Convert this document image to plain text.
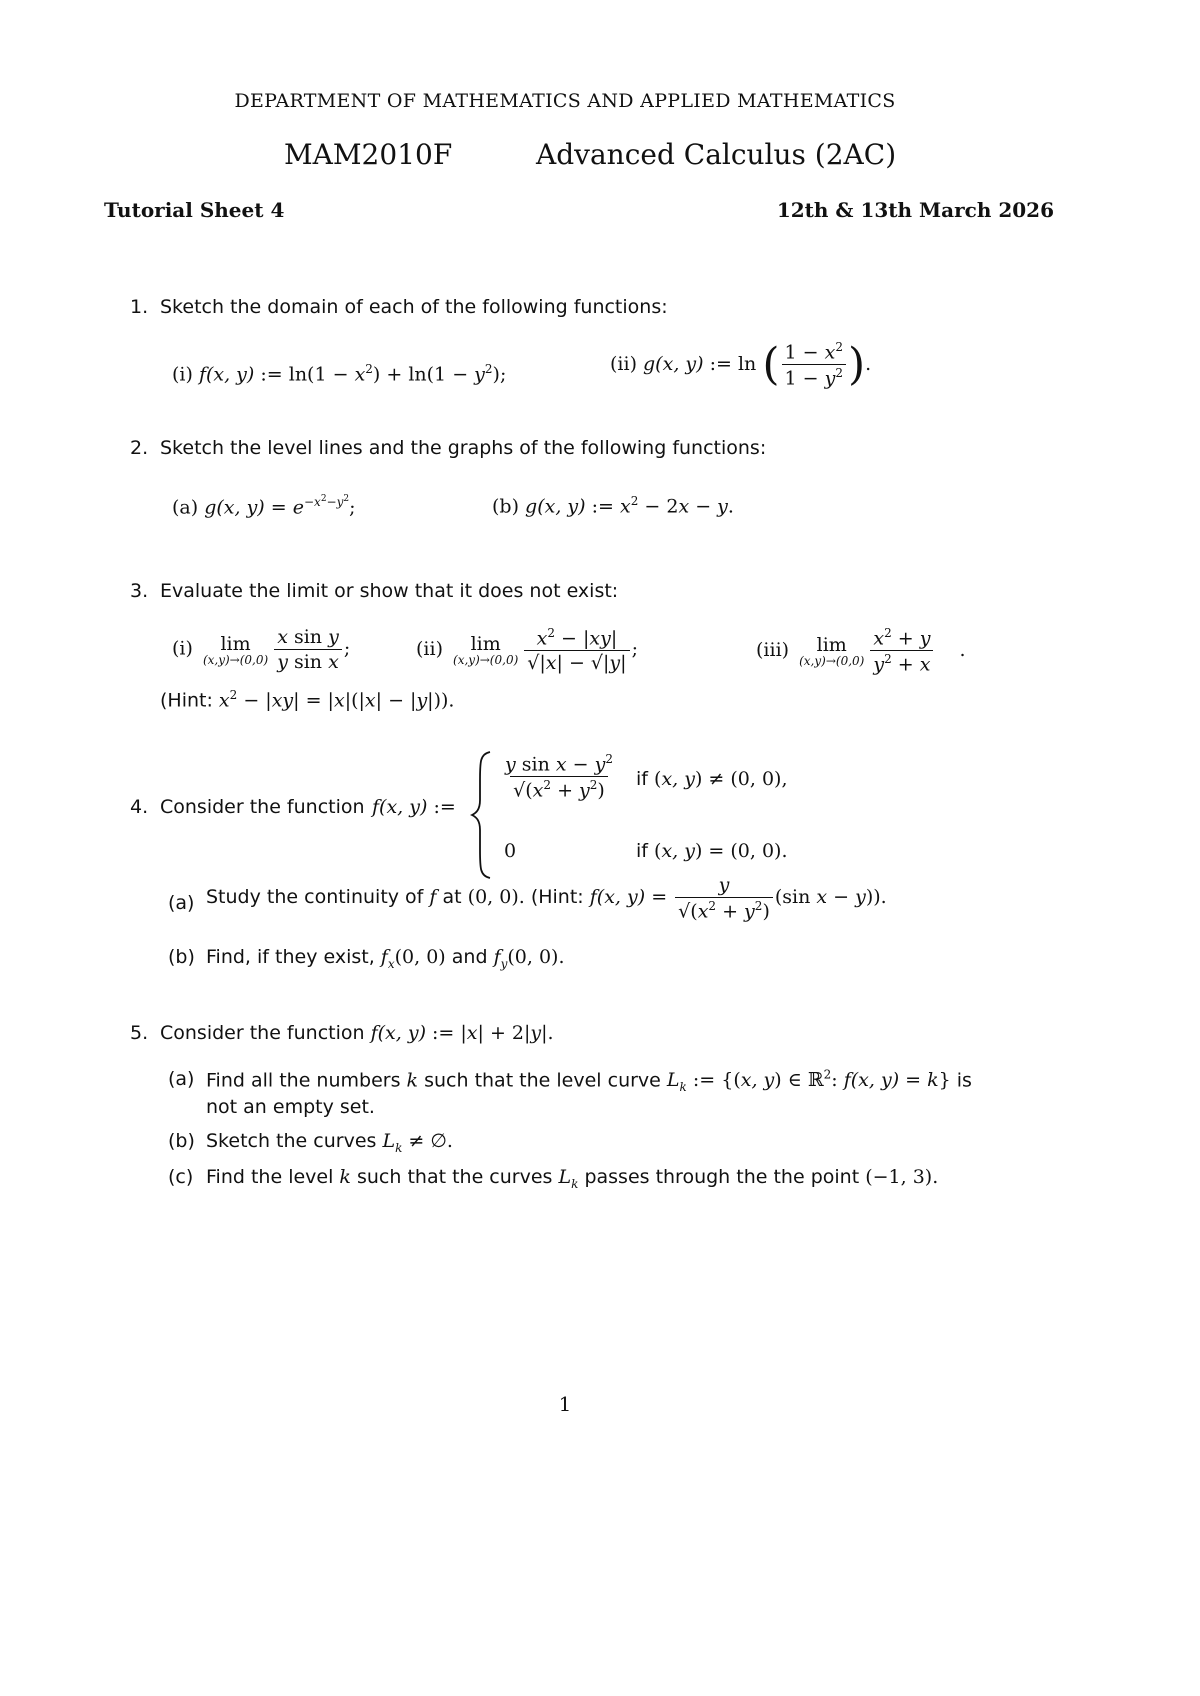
DEPARTMENT OF MATHEMATICS AND APPLIED MATHEMATICS
MAM2010F	Advanced Calculus (2AC)
Tutorial Sheet 4	12th & 13th March 2026
1. Sketch the domain of each of the following functions:
(i) f(x, y) := $\ln(1 - x^2) + \ln(1 - y^2)$;	(ii) g(x, y) := ln ( $\frac{1 - x^2}{1 - y^2}$ ).
2. Sketch the level lines and the graphs of the following functions:
(a) g(x, $y) = e^{-x^2-y^2}$;	(b) g(x, y) := $x^2 - 2x - y$.
3. Evaluate the limit or show that it does not exist:
(i) lim
$(x,y)\to(0,0) \frac{\text{x sin y}}{\text{y sin x}}$ ;	(ii) lim
$(x,y)\to(0,0) \frac{x^2 - |xy|}{√|x| - √|y|}$ ;	(iii) lim
$(x,y)\to(0,0) \frac{x^2 + y}{y^2 + x}$ .
(Hint: $x^2 - |xy| = |x|(|x| - |y|)$).
4. Consider the function f(x, y) :=
$\frac{y \sin x - y^2}{√(x^2 + y^2)}$ if (x, y) ≠ (0, 0),
0	if (x, y) = (0, 0).
(a) Study the continuity of f at (0, 0). (Hint: f(x, $y) = \frac{y}{√(x^2 + y^2)} (\sin$ x − y)).
(b) Find, if they exist, $f_x(0$, 0) and $f_y(0$, 0).
5. Consider the function f(x, y) := |x| + 2|y|.
(a) Find all the numbers k such that the level curve $L_k$ := {(x, y) ∈ ℝ$^2$: f(x, y) = k} is
not an empty set.
(b) Sketch the curves $L_k$ ≠ ∅.
(c) Find the level k such that the curves $L_k$ passes through the the point (−1, 3).
1
